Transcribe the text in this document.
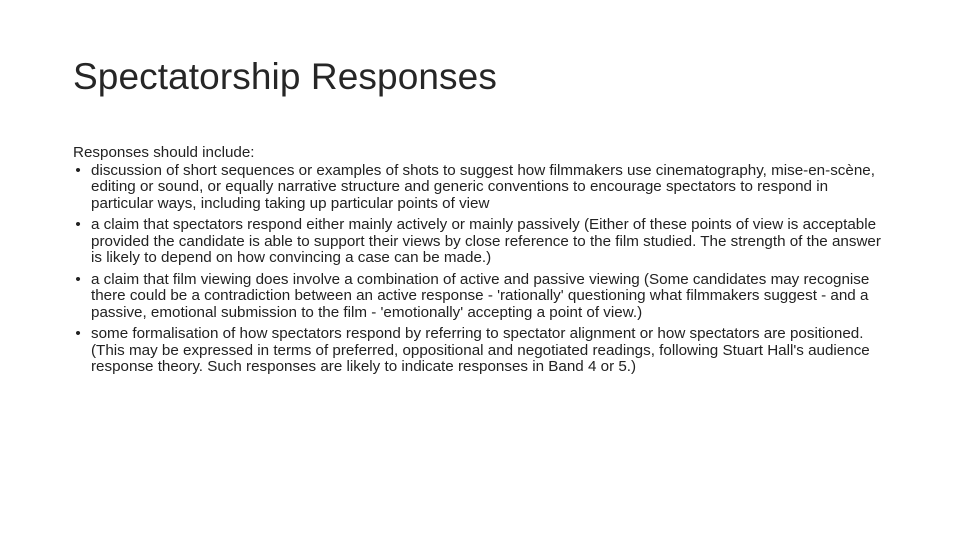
Spectatorship Responses
Responses should include:
• discussion of short sequences or examples of shots to suggest how filmmakers use cinematography, mise-en-scène, editing or sound, or equally narrative structure and generic conventions to encourage spectators to respond in particular ways, including taking up particular points of view
• a claim that spectators respond either mainly actively or mainly passively (Either of these points of view is acceptable provided the candidate is able to support their views by close reference to the film studied. The strength of the answer is likely to depend on how convincing a case can be made.)
• a claim that film viewing does involve a combination of active and passive viewing (Some candidates may recognise there could be a contradiction between an active response - 'rationally' questioning what filmmakers suggest - and a passive, emotional submission to the film - 'emotionally' accepting a point of view.)
• some formalisation of how spectators respond by referring to spectator alignment or how spectators are positioned. (This may be expressed in terms of preferred, oppositional and negotiated readings, following Stuart Hall's audience response theory. Such responses are likely to indicate responses in Band 4 or 5.)
